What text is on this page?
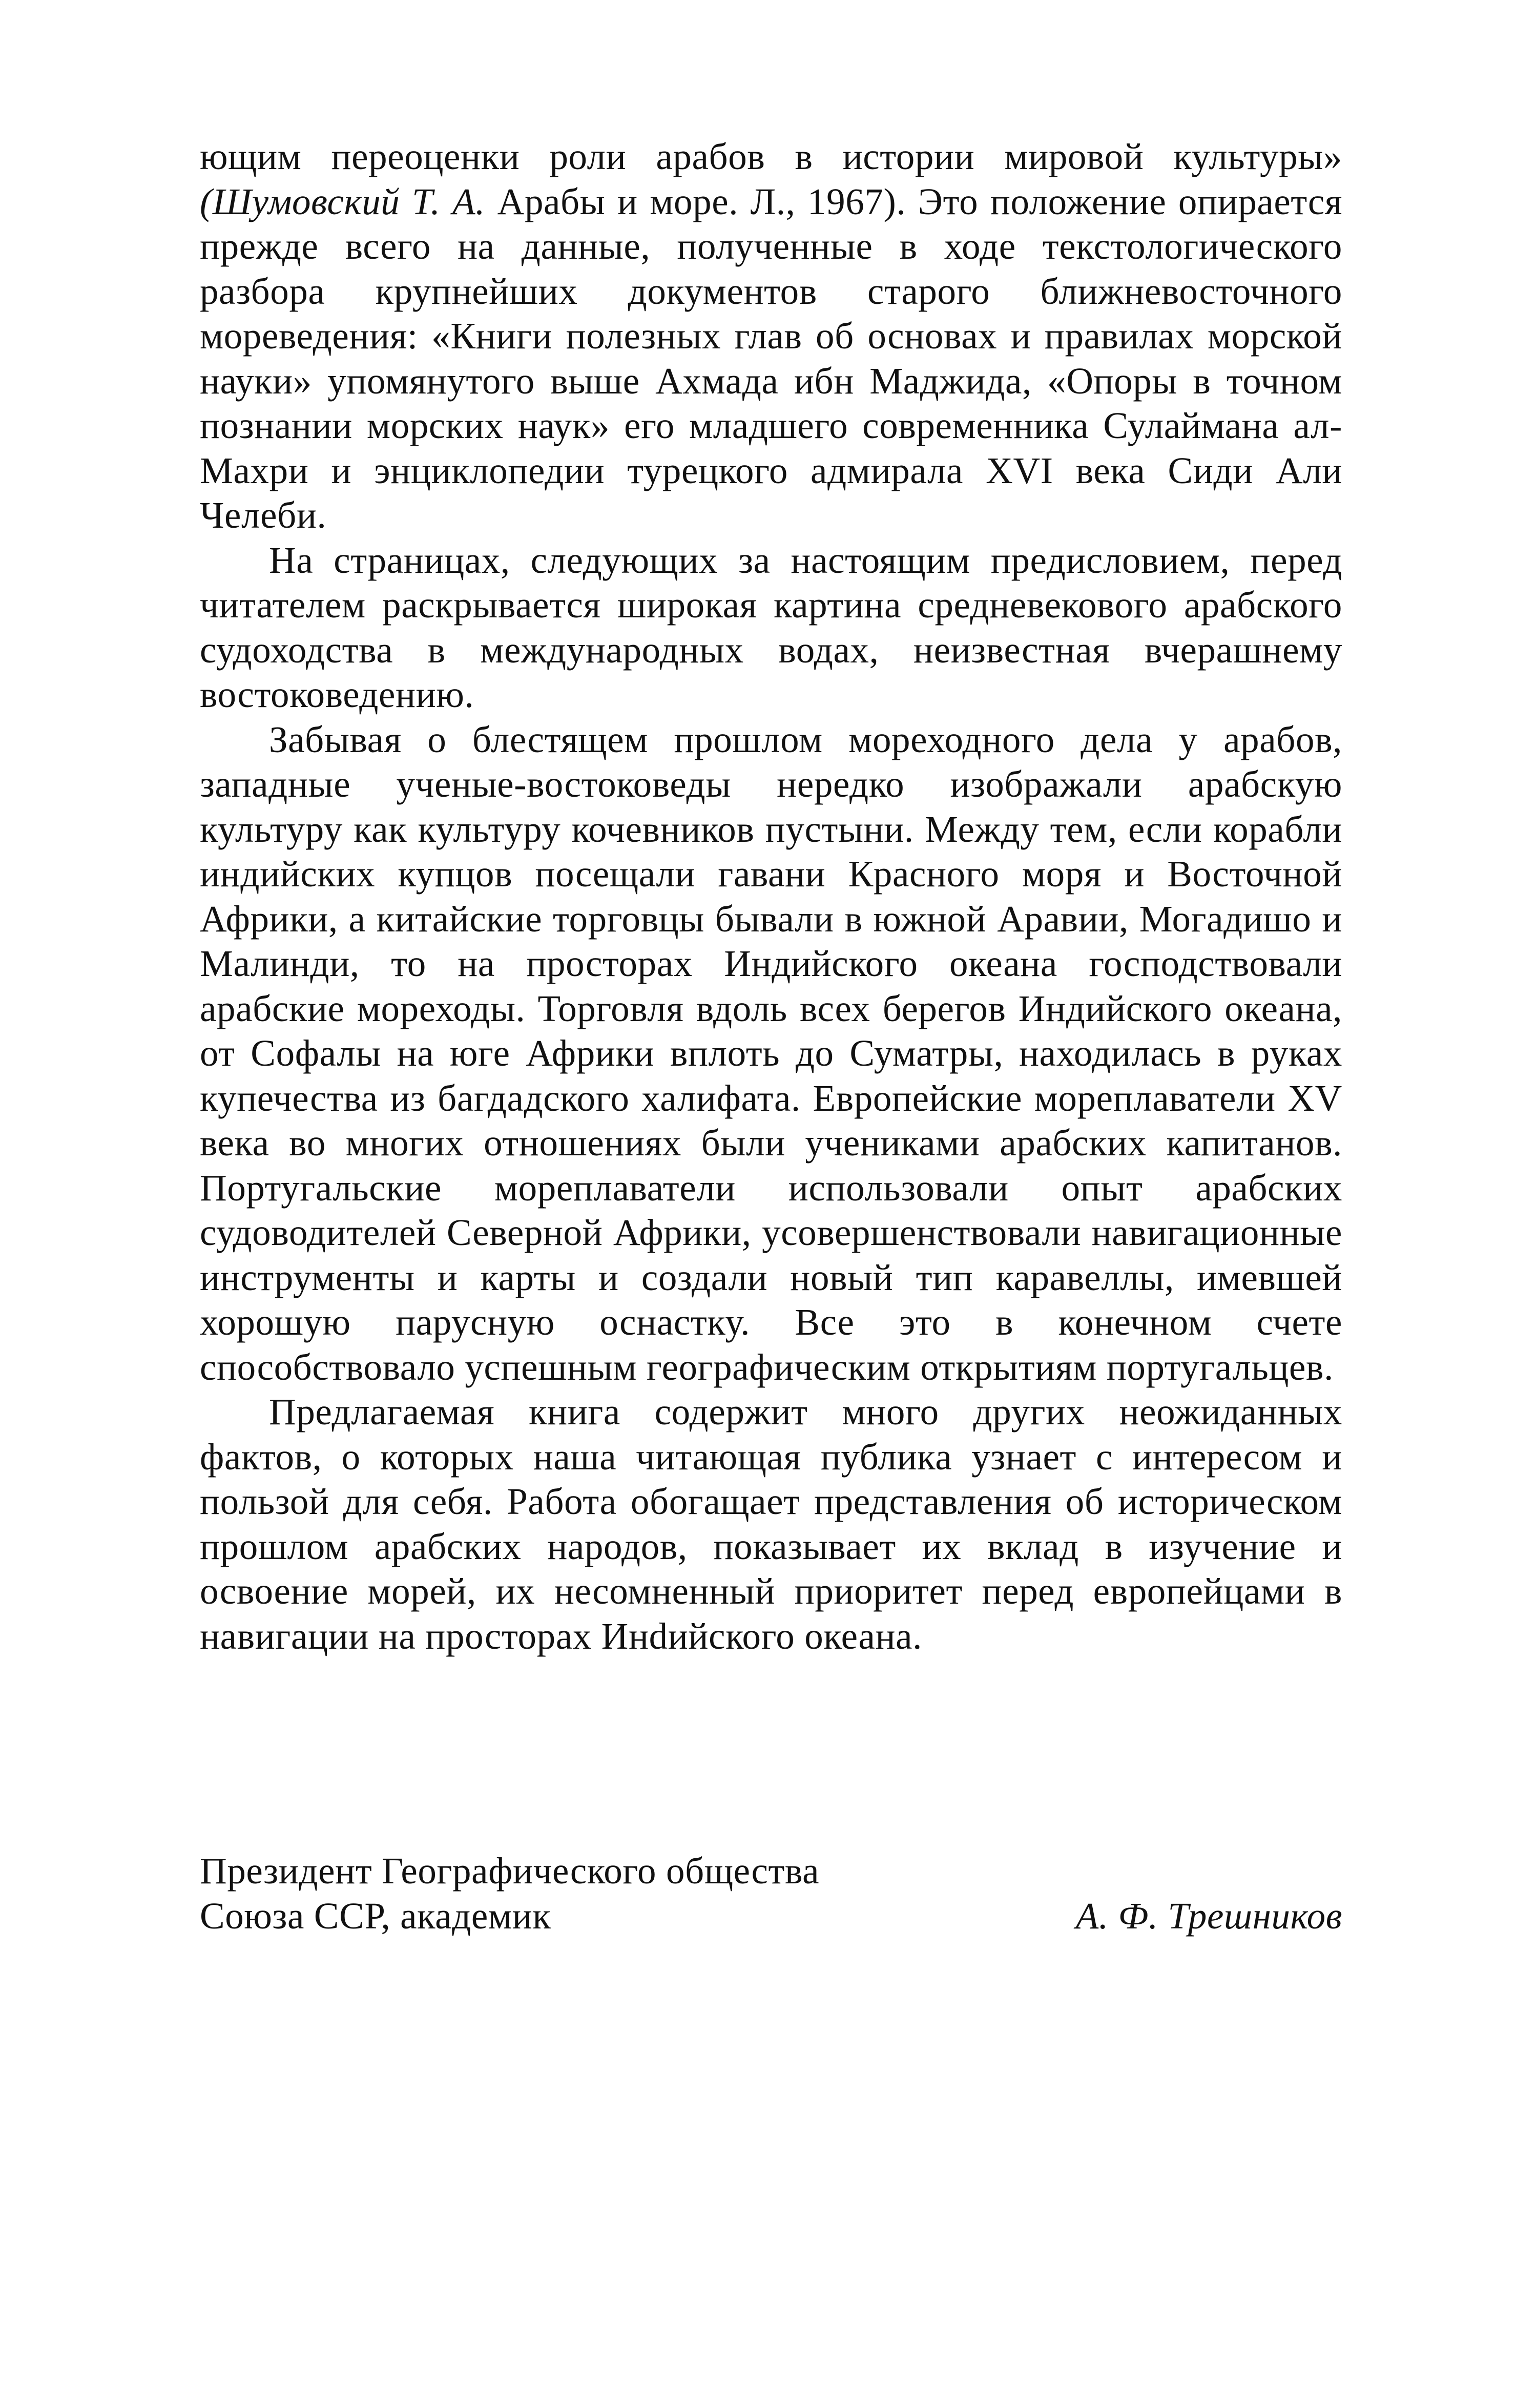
ющим переоценки роли арабов в истории мировой культуры» (Шумовский Т. А. Арабы и море. Л., 1967). Это положение опирается прежде всего на данные, полученные в ходе текстологического разбора крупнейших документов старого ближневосточного мореведения: «Книги полезных глав об основах и правилах морской науки» упомянутого выше Ахмада ибн Маджида, «Опоры в точном познании морских наук» его младшего современника Сулаймана ал-Махри и энциклопедии турецкого адмирала XVI века Сиди Али Челеби.

На страницах, следующих за настоящим предисловием, перед читателем раскрывается широкая картина средневекового арабского судоходства в международных водах, неизвестная вчерашнему востоковедению.

Забывая о блестящем прошлом мореходного дела у арабов, западные ученые-востоковеды нередко изображали арабскую культуру как культуру кочевников пустыни. Между тем, если корабли индийских купцов посещали гавани Красного моря и Восточной Африки, а китайские торговцы бывали в южной Аравии, Могадишо и Малинди, то на просторах Индийского океана господствовали арабские мореходы. Торговля вдоль всех берегов Индийского океана, от Софалы на юге Африки вплоть до Суматры, находилась в руках купечества из багдадского халифата. Европейские мореплаватели XV века во многих отношениях были учениками арабских капитанов. Португальские мореплаватели использовали опыт арабских судоводителей Северной Африки, усовершенствовали навигационные инструменты и карты и создали новый тип каравеллы, имевшей хорошую парусную оснастку. Все это в конечном счете способствовало успешным географическим открытиям португальцев.

Предлагаемая книга содержит много других неожиданных фактов, о которых наша читающая публика узнает с интересом и пользой для себя. Работа обогащает представления об историческом прошлом арабских народов, показывает их вклад в изучение и освоение морей, их несомненный приоритет перед европейцами в навигации на просторах Инdийского океана.

Президент Географического общества
Союза ССР, академик	А. Ф. Трешников
